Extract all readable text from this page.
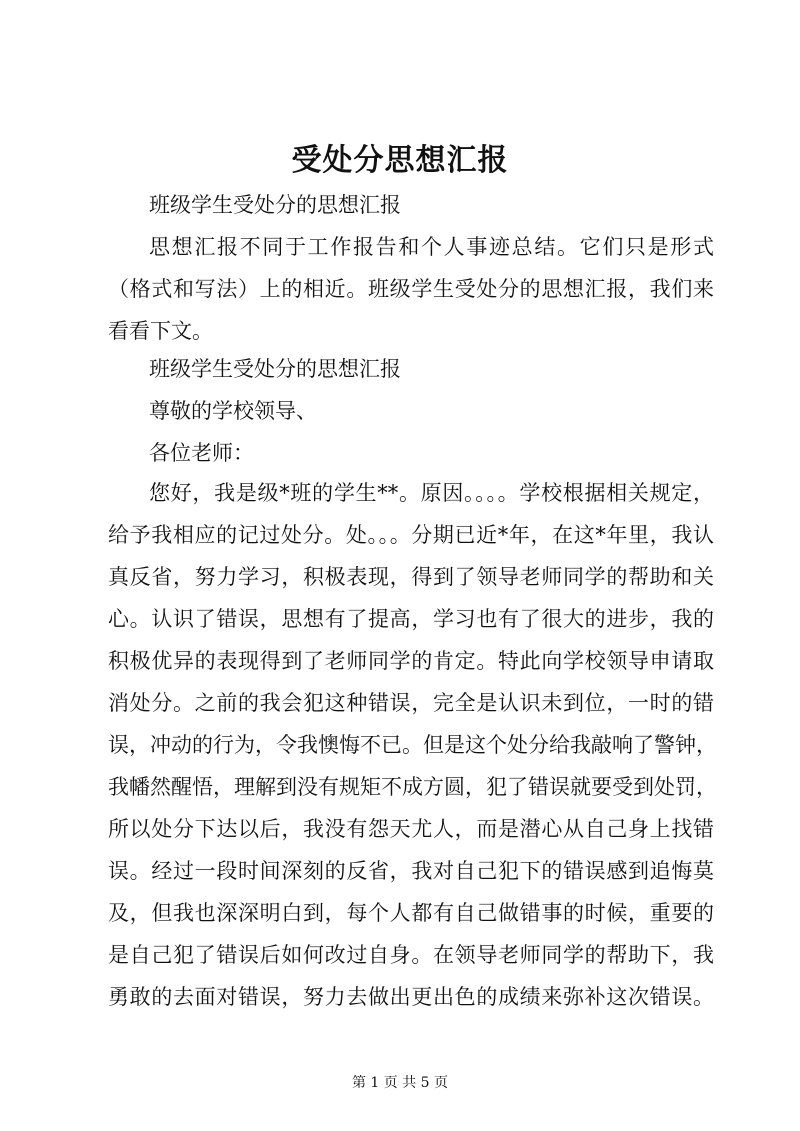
受处分思想汇报

班级学生受处分的思想汇报

思想汇报不同于工作报告和个人事迹总结。它们只是形式

（格式和写法）上的相近。班级学生受处分的思想汇报，我们来

看看下文。

班级学生受处分的思想汇报

尊敬的学校领导、

各位老师：

您好，我是级*班的学生**。原因。。。。学校根据相关规定，

给予我相应的记过处分。处。。。分期已近*年，在这*年里，我认

真反省，努力学习，积极表现，得到了领导老师同学的帮助和关

心。认识了错误，思想有了提高，学习也有了很大的进步，我的

积极优异的表现得到了老师同学的肯定。特此向学校领导申请取

消处分。之前的我会犯这种错误，完全是认识未到位，一时的错

误，冲动的行为，令我懊悔不已。但是这个处分给我敲响了警钟，

我幡然醒悟，理解到没有规矩不成方圆，犯了错误就要受到处罚，

所以处分下达以后，我没有怨天尤人，而是潜心从自己身上找错

误。经过一段时间深刻的反省，我对自己犯下的错误感到追悔莫

及，但我也深深明白到，每个人都有自己做错事的时候，重要的

是自己犯了错误后如何改过自身。在领导老师同学的帮助下，我

勇敢的去面对错误，努力去做出更出色的成绩来弥补这次错误。

第 1 页 共 5 页
